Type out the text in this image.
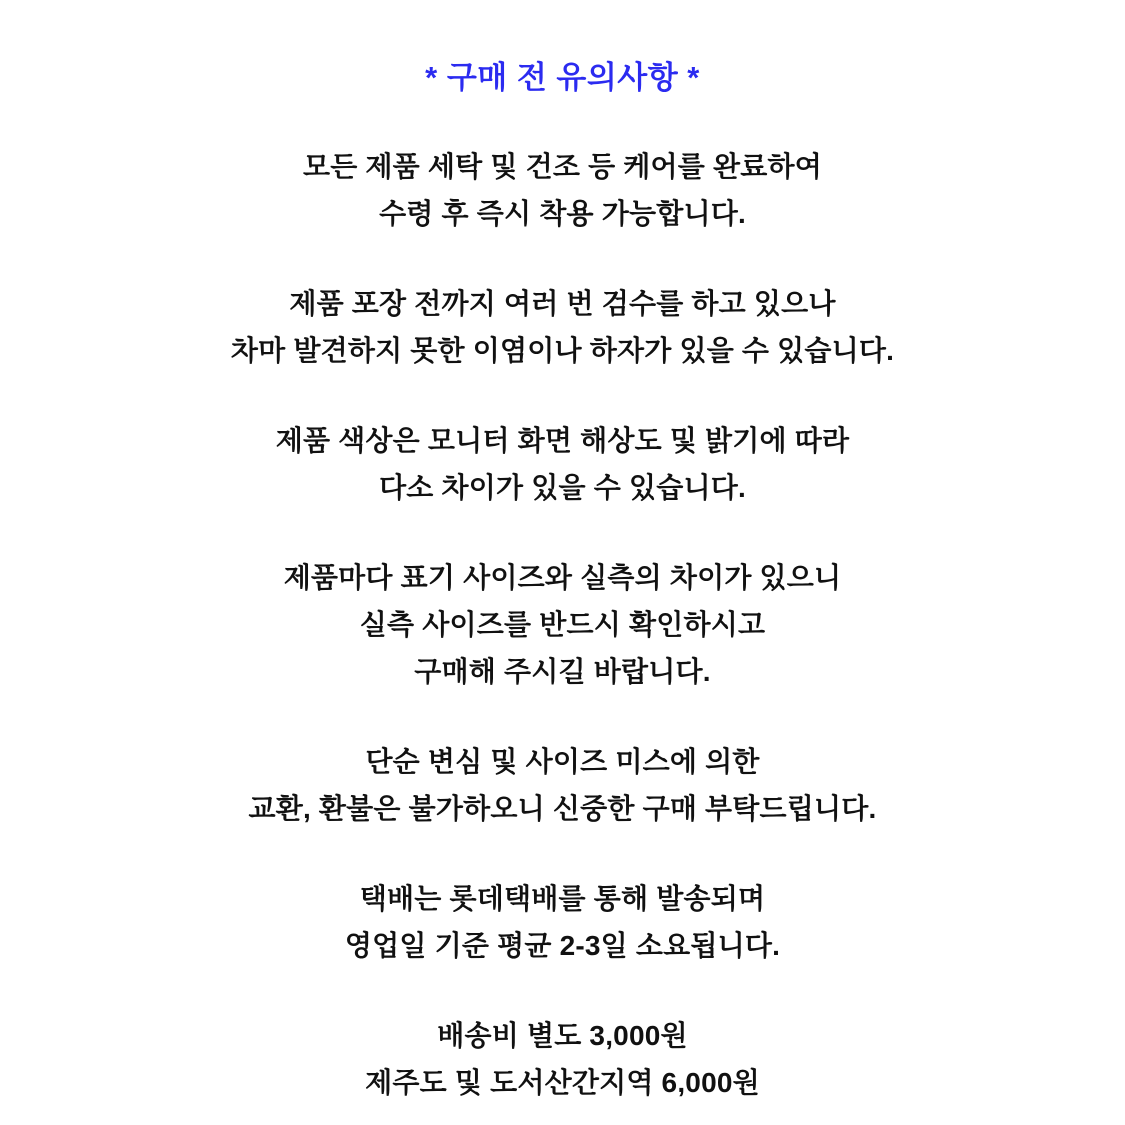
* 구매 전 유의사항 *

모든 제품 세탁 및 건조 등 케어를 완료하여
수령 후 즉시 착용 가능합니다.

제품 포장 전까지 여러 번 검수를 하고 있으나
차마 발견하지 못한 이염이나 하자가 있을 수 있습니다.

제품 색상은 모니터 화면 해상도 및 밝기에 따라
다소 차이가 있을 수 있습니다.

제품마다 표기 사이즈와 실측의 차이가 있으니
실측 사이즈를 반드시 확인하시고
구매해 주시길 바랍니다.

단순 변심 및 사이즈 미스에 의한
교환, 환불은 불가하오니 신중한 구매 부탁드립니다.

택배는 롯데택배를 통해 발송되며
영업일 기준 평균 2-3일 소요됩니다.

배송비 별도 3,000원
제주도 및 도서산간지역 6,000원
